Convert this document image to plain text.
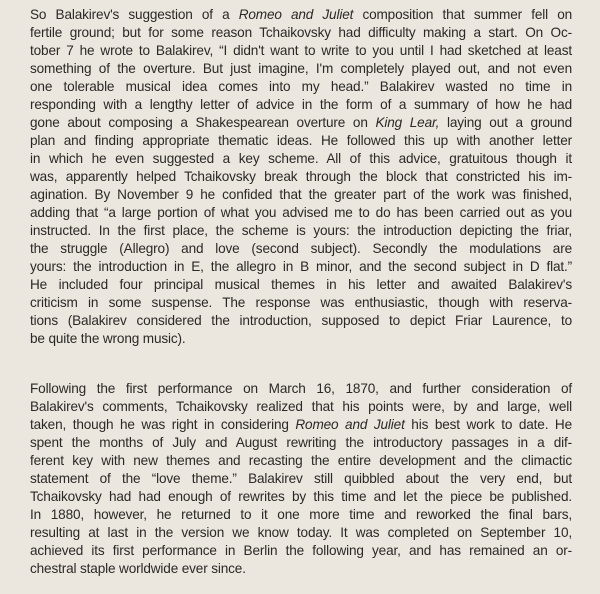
So Balakirev's suggestion of a Romeo and Juliet composition that summer fell on
fertile ground; but for some reason Tchaikovsky had difficulty making a start. On Oc-
tober 7 he wrote to Balakirev, “I didn't want to write to you until I had sketched at least
something of the overture. But just imagine, I'm completely played out, and not even
one tolerable musical idea comes into my head.” Balakirev wasted no time in
responding with a lengthy letter of advice in the form of a summary of how he had
gone about composing a Shakespearean overture on King Lear, laying out a ground
plan and finding appropriate thematic ideas. He followed this up with another letter
in which he even suggested a key scheme. All of this advice, gratuitous though it
was, apparently helped Tchaikovsky break through the block that constricted his im-
agination. By November 9 he confided that the greater part of the work was finished,
adding that “a large portion of what you advised me to do has been carried out as you
instructed. In the first place, the scheme is yours: the introduction depicting the friar,
the struggle (Allegro) and love (second subject). Secondly the modulations are
yours: the introduction in E, the allegro in B minor, and the second subject in D flat.”
He included four principal musical themes in his letter and awaited Balakirev's
criticism in some suspense. The response was enthusiastic, though with reserva-
tions (Balakirev considered the introduction, supposed to depict Friar Laurence, to
be quite the wrong music).
Following the first performance on March 16, 1870, and further consideration of
Balakirev's comments, Tchaikovsky realized that his points were, by and large, well
taken, though he was right in considering Romeo and Juliet his best work to date. He
spent the months of July and August rewriting the introductory passages in a dif-
ferent key with new themes and recasting the entire development and the climactic
statement of the “love theme.” Balakirev still quibbled about the very end, but
Tchaikovsky had had enough of rewrites by this time and let the piece be published.
In 1880, however, he returned to it one more time and reworked the final bars,
resulting at last in the version we know today. It was completed on September 10,
achieved its first performance in Berlin the following year, and has remained an or-
chestral staple worldwide ever since.
